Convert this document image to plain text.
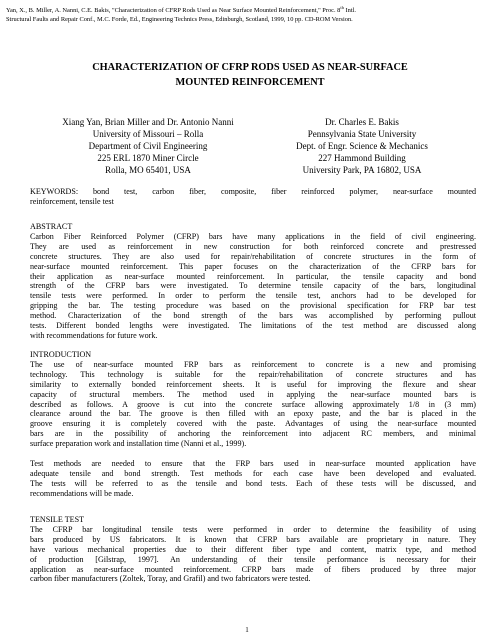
Yan, X., B. Miller, A. Nanni, C.E. Bakis, "Characterization of CFRP Rods Used as Near Surface Mounted Reinforcement," Proc. 8th Intl.
Structural Faults and Repair Conf., M.C. Forde, Ed., Engineering Technics Press, Edinburgh, Scotland, 1999, 10 pp. CD-ROM Version.
CHARACTERIZATION OF CFRP RODS USED AS NEAR-SURFACE
MOUNTED REINFORCEMENT
Xiang Yan, Brian Miller and Dr. Antonio Nanni
University of Missouri – Rolla
Department of Civil Engineering
225 ERL 1870 Miner Circle
Rolla, MO 65401, USA
Dr. Charles E. Bakis
Pennsylvania State University
Dept. of Engr. Science & Mechanics
227 Hammond Building
University Park, PA 16802, USA

KEYWORDS: bond test, carbon fiber, composite, fiber reinforced polymer, near-surface mounted

reinforcement, tensile test

ABSTRACT

Carbon Fiber Reinforced Polymer (CFRP) bars have many applications in the field of civil engineering.

They are used as reinforcement in new construction for both reinforced concrete and prestressed

concrete structures. They are also used for repair/rehabilitation of concrete structures in the form of

near-surface mounted reinforcement. This paper focuses on the characterization of the CFRP bars for

their application as near-surface mounted reinforcement. In particular, the tensile capacity and bond

strength of the CFRP bars were investigated. To determine tensile capacity of the bars, longitudinal

tensile tests were performed. In order to perform the tensile test, anchors had to be developed for

gripping the bar. The testing procedure was based on the provisional specification for FRP bar test

method. Characterization of the bond strength of the bars was accomplished by performing pullout

tests. Different bonded lengths were investigated. The limitations of the test method are discussed along

with recommendations for future work.

INTRODUCTION

The use of near-surface mounted FRP bars as reinforcement to concrete is a new and promising

technology. This technology is suitable for the repair/rehabilitation of concrete structures and has

similarity to externally bonded reinforcement sheets. It is useful for improving the flexure and shear

capacity of structural members. The method used in applying the near-surface mounted bars is

described as follows. A groove is cut into the concrete surface allowing approximately 1/8 in (3 mm)

clearance around the bar. The groove is then filled with an epoxy paste, and the bar is placed in the

groove ensuring it is completely covered with the paste. Advantages of using the near-surface mounted

bars are in the possibility of anchoring the reinforcement into adjacent RC members, and minimal

surface preparation work and installation time (Nanni et al., 1999).

Test methods are needed to ensure that the FRP bars used in near-surface mounted application have

adequate tensile and bond strength. Test methods for each case have been developed and evaluated.

The tests will be referred to as the tensile and bond tests. Each of these tests will be discussed, and

recommendations will be made.

TENSILE TEST

The CFRP bar longitudinal tensile tests were performed in order to determine the feasibility of using

bars produced by US fabricators. It is known that CFRP bars available are proprietary in nature. They

have various mechanical properties due to their different fiber type and content, matrix type, and method

of production [Gilstrap, 1997]. An understanding of their tensile performance is necessary for their

application as near-surface mounted reinforcement. CFRP bars made of fibers produced by three major

carbon fiber manufacturers (Zoltek, Toray, and Grafil) and two fabricators were tested.

1
